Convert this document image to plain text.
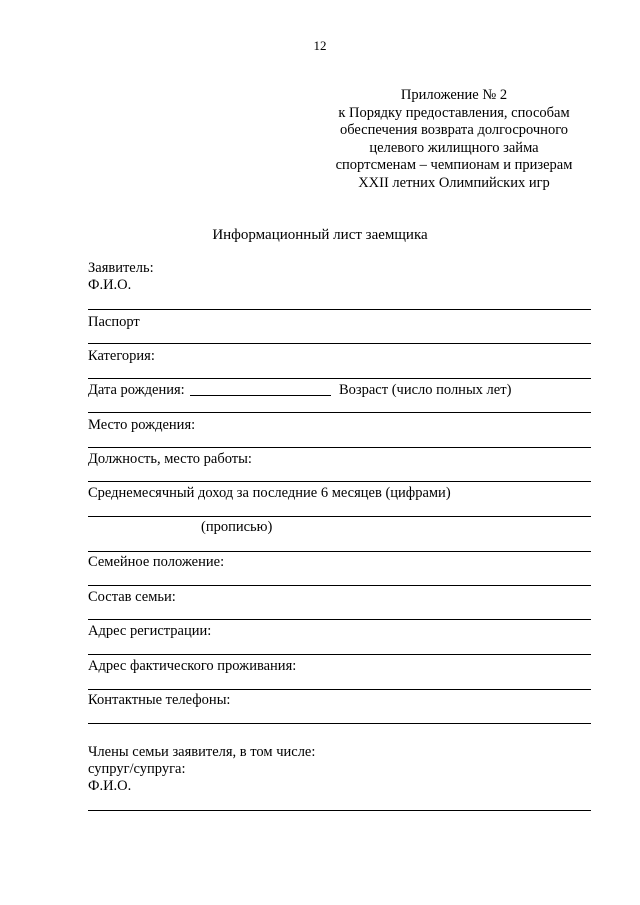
12
Приложение № 2
к Порядку предоставления, способам
обеспечения возврата долгосрочного
целевого жилищного займа
спортсменам – чемпионам и призерам
XXII летних Олимпийских игр
Информационный лист заемщика
Заявитель:
Ф.И.О.
Паспорт
Категория:
Дата рождения:	Возраст (число полных лет)
Место рождения:
Должность, место работы:
Среднемесячный доход за последние 6 месяцев (цифрами)
(прописью)
Семейное положение:
Состав семьи:
Адрес регистрации:
Адрес фактического проживания:
Контактные телефоны:
Члены семьи заявителя, в том числе:
супруг/супруга:
Ф.И.О.
